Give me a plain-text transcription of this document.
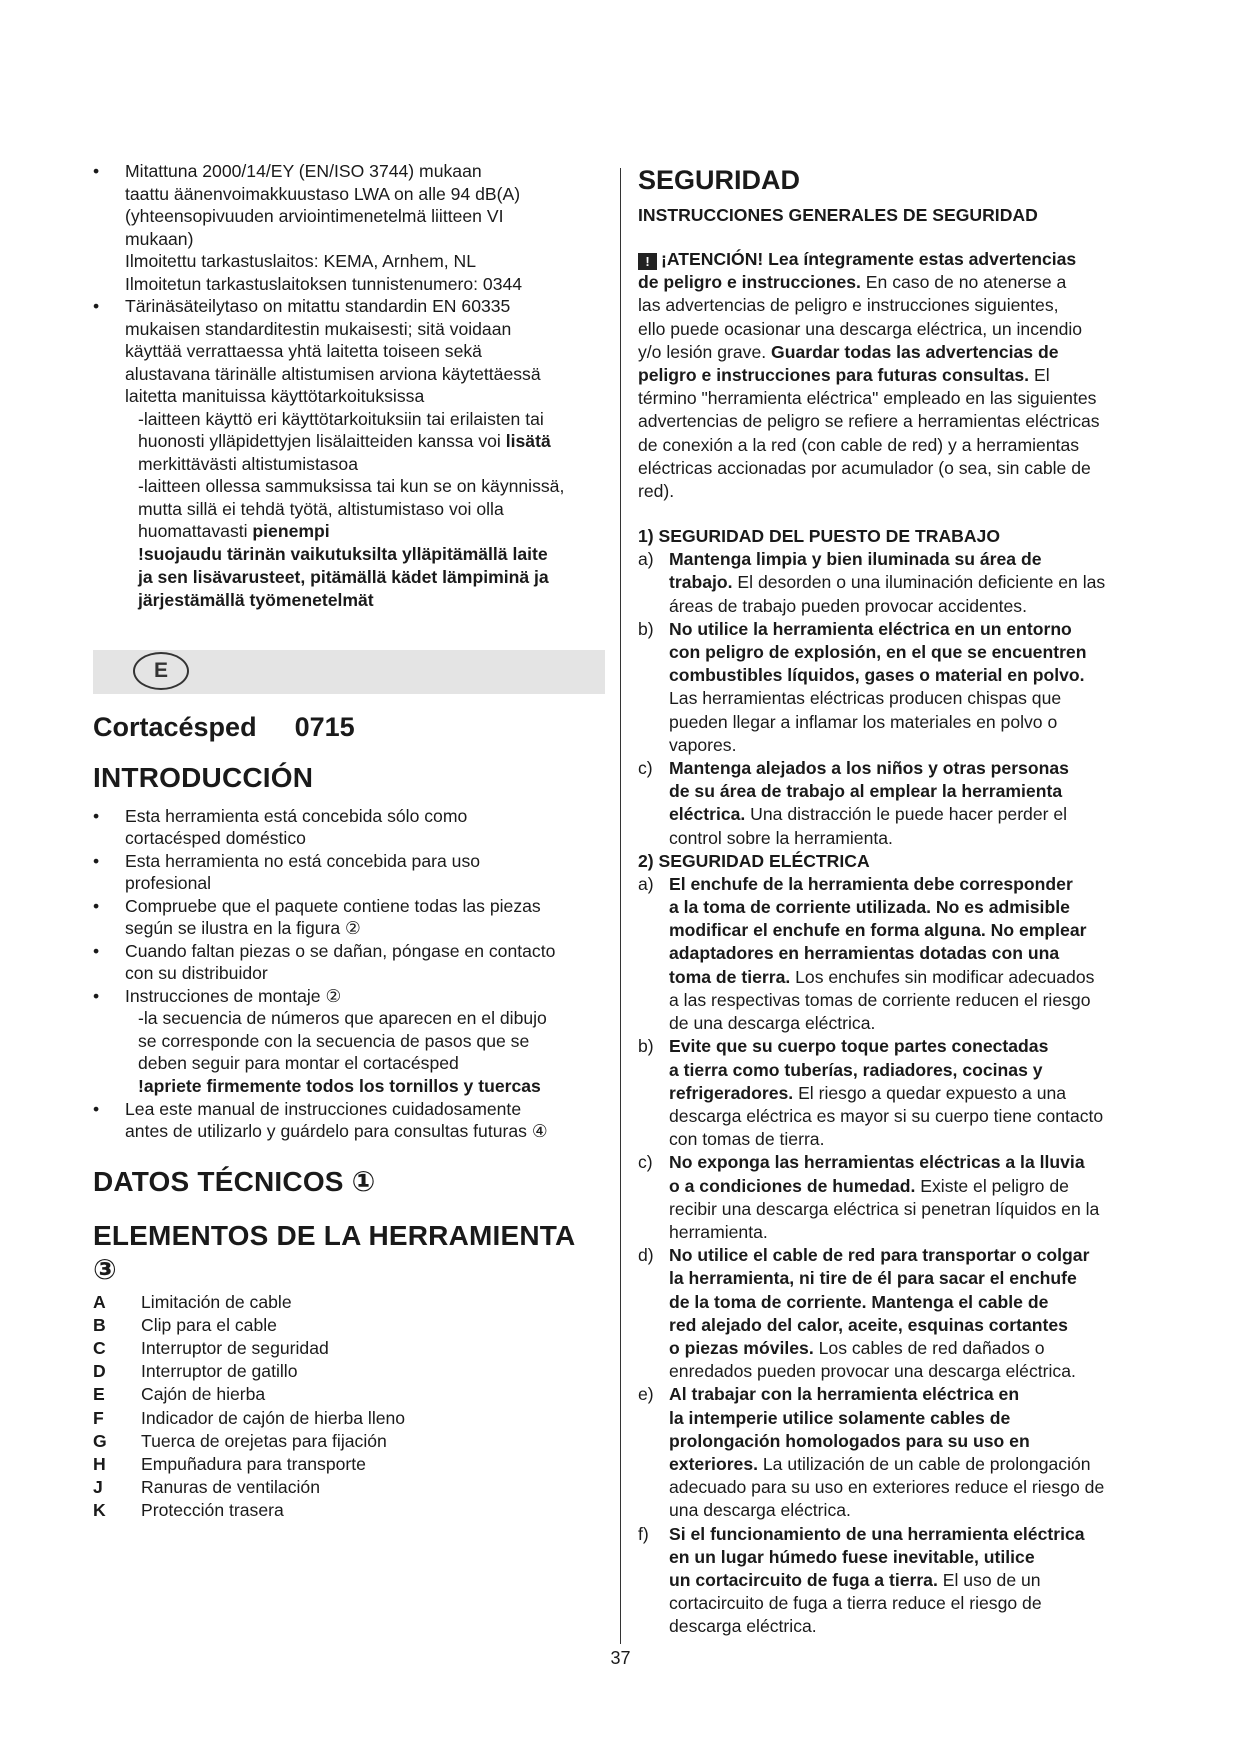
• Mitattuna 2000/14/EY (EN/ISO 3744) mukaan
taattu äänenvoimakkuustaso LWA on alle 94 dB(A)
(yhteensopivuuden arviointimenetelmä liitteen VI
mukaan)
Ilmoitettu tarkastuslaitos: KEMA, Arnhem, NL
Ilmoitetun tarkastuslaitoksen tunnistenumero: 0344
• Tärinäsäteilytaso on mitattu standardin EN 60335
mukaisen standarditestin mukaisesti; sitä voidaan
käyttää verrattaessa yhtä laitetta toiseen sekä
alustavana tärinälle altistumisen arviona käytettäessä
laitetta manituissa käyttötarkoituksissa
-laitteen käyttö eri käyttötarkoituksiin tai erilaisten tai
huonosti ylläpidettyjen lisälaitteiden kanssa voi lisätä
merkittävästi altistumistasoa
-laitteen ollessa sammuksissa tai kun se on käynnissä,
mutta sillä ei tehdä työtä, altistumistaso voi olla
huomattavasti pienempi
!suojaudu tärinän vaikutuksilta ylläpitämällä laite
ja sen lisävarusteet, pitämällä kädet lämpiminä ja
järjestämällä työmenetelmät
E
Cortacésped 0715
INTRODUCCIÓN
• Esta herramienta está concebida sólo como
cortacésped doméstico
• Esta herramienta no está concebida para uso
profesional
• Compruebe que el paquete contiene todas las piezas
según se ilustra en la figura ②
• Cuando faltan piezas o se dañan, póngase en contacto
con su distribuidor
• Instrucciones de montaje ②
-la secuencia de números que aparecen en el dibujo
se corresponde con la secuencia de pasos que se
deben seguir para montar el cortacésped
!apriete firmemente todos los tornillos y tuercas
• Lea este manual de instrucciones cuidadosamente
antes de utilizarlo y guárdelo para consultas futuras ④
DATOS TÉCNICOS ①
ELEMENTOS DE LA HERRAMIENTA ③
A	Limitación de cable
B	Clip para el cable
C	Interruptor de seguridad
D	Interruptor de gatillo
E	Cajón de hierba
F	Indicador de cajón de hierba lleno
G	Tuerca de orejetas para fijación
H	Empuñadura para transporte
J	Ranuras de ventilación
K	Protección trasera
SEGURIDAD
INSTRUCCIONES GENERALES DE SEGURIDAD
! ¡ATENCIÓN! Lea íntegramente estas advertencias
de peligro e instrucciones. En caso de no atenerse a
las advertencias de peligro e instrucciones siguientes,
ello puede ocasionar una descarga eléctrica, un incendio
y/o lesión grave. Guardar todas las advertencias de
peligro e instrucciones para futuras consultas. El
término "herramienta eléctrica" empleado en las siguientes
advertencias de peligro se refiere a herramientas eléctricas
de conexión a la red (con cable de red) y a herramientas
eléctricas accionadas por acumulador (o sea, sin cable de
red).
1) SEGURIDAD DEL PUESTO DE TRABAJO
a) Mantenga limpia y bien iluminada su área de
trabajo. El desorden o una iluminación deficiente en las
áreas de trabajo pueden provocar accidentes.
b) No utilice la herramienta eléctrica en un entorno
con peligro de explosión, en el que se encuentren
combustibles líquidos, gases o material en polvo.
Las herramientas eléctricas producen chispas que
pueden llegar a inflamar los materiales en polvo o
vapores.
c) Mantenga alejados a los niños y otras personas
de su área de trabajo al emplear la herramienta
eléctrica. Una distracción le puede hacer perder el
control sobre la herramienta.
2) SEGURIDAD ELÉCTRICA
a) El enchufe de la herramienta debe corresponder
a la toma de corriente utilizada. No es admisible
modificar el enchufe en forma alguna. No emplear
adaptadores en herramientas dotadas con una
toma de tierra. Los enchufes sin modificar adecuados
a las respectivas tomas de corriente reducen el riesgo
de una descarga eléctrica.
b) Evite que su cuerpo toque partes conectadas
a tierra como tuberías, radiadores, cocinas y
refrigeradores. El riesgo a quedar expuesto a una
descarga eléctrica es mayor si su cuerpo tiene contacto
con tomas de tierra.
c) No exponga las herramientas eléctricas a la lluvia
o a condiciones de humedad. Existe el peligro de
recibir una descarga eléctrica si penetran líquidos en la
herramienta.
d) No utilice el cable de red para transportar o colgar
la herramienta, ni tire de él para sacar el enchufe
de la toma de corriente. Mantenga el cable de
red alejado del calor, aceite, esquinas cortantes
o piezas móviles. Los cables de red dañados o
enredados pueden provocar una descarga eléctrica.
e) Al trabajar con la herramienta eléctrica en
la intemperie utilice solamente cables de
prolongación homologados para su uso en
exteriores. La utilización de un cable de prolongación
adecuado para su uso en exteriores reduce el riesgo de
una descarga eléctrica.
f) Si el funcionamiento de una herramienta eléctrica
en un lugar húmedo fuese inevitable, utilice
un cortacircuito de fuga a tierra. El uso de un
cortacircuito de fuga a tierra reduce el riesgo de
descarga eléctrica.
37
